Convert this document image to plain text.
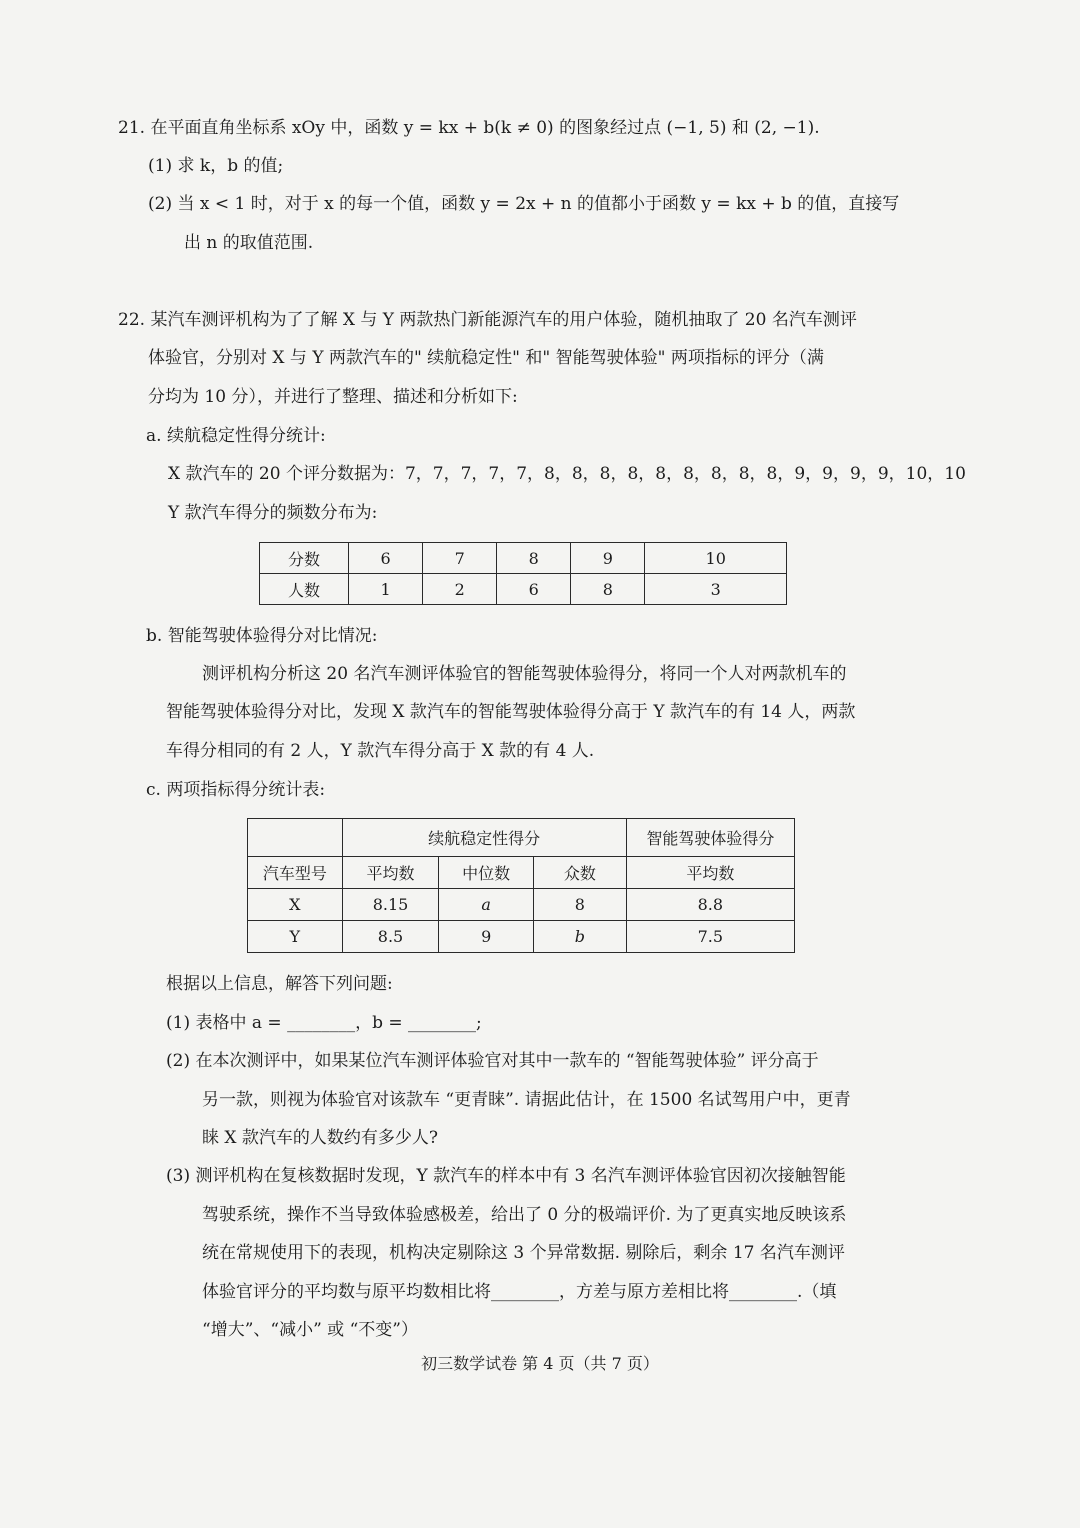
21. 在平面直角坐标系 xOy 中，函数 y = kx + b(k ≠ 0) 的图象经过点 (−1, 5) 和 (2, −1).
(1) 求 k，b 的值;
(2) 当 x < 1 时，对于 x 的每一个值，函数 y = 2x + n 的值都小于函数 y = kx + b 的值，直接写
出 n 的取值范围.
22. 某汽车测评机构为了了解 X 与 Y 两款热门新能源汽车的用户体验，随机抽取了 20 名汽车测评
体验官，分别对 X 与 Y 两款汽车的" 续航稳定性" 和" 智能驾驶体验" 两项指标的评分（满
分均为 10 分），并进行了整理、描述和分析如下:
a. 续航稳定性得分统计:
X 款汽车的 20 个评分数据为：7，7，7，7，7，8，8，8，8，8，8，8，8，8，9，9，9，9，10，10
Y 款汽车得分的频数分布为:
分数	6	7	8	9	10
人数	1	2	6	8	3
b. 智能驾驶体验得分对比情况:
测评机构分析这 20 名汽车测评体验官的智能驾驶体验得分，将同一个人对两款机车的
智能驾驶体验得分对比，发现 X 款汽车的智能驾驶体验得分高于 Y 款汽车的有 14 人，两款
车得分相同的有 2 人，Y 款汽车得分高于 X 款的有 4 人.
c. 两项指标得分统计表:
	续航稳定性得分			智能驾驶体验得分
汽车型号	平均数	中位数	众数	平均数
X	8.15	a	8	8.8
Y	8.5	9	b	7.5
根据以上信息，解答下列问题:
(1) 表格中 a = ________，b = ________;
(2) 在本次测评中，如果某位汽车测评体验官对其中一款车的 “智能驾驶体验” 评分高于
另一款，则视为体验官对该款车 “更青睐”. 请据此估计，在 1500 名试驾用户中，更青
睐 X 款汽车的人数约有多少人?
(3) 测评机构在复核数据时发现，Y 款汽车的样本中有 3 名汽车测评体验官因初次接触智能
驾驶系统，操作不当导致体验感极差，给出了 0 分的极端评价. 为了更真实地反映该系
统在常规使用下的表现，机构决定剔除这 3 个异常数据. 剔除后，剩余 17 名汽车测评
体验官评分的平均数与原平均数相比将________，方差与原方差相比将________.（填
“增大”、“减小” 或 “不变”）
初三数学试卷 第 4 页（共 7 页）
